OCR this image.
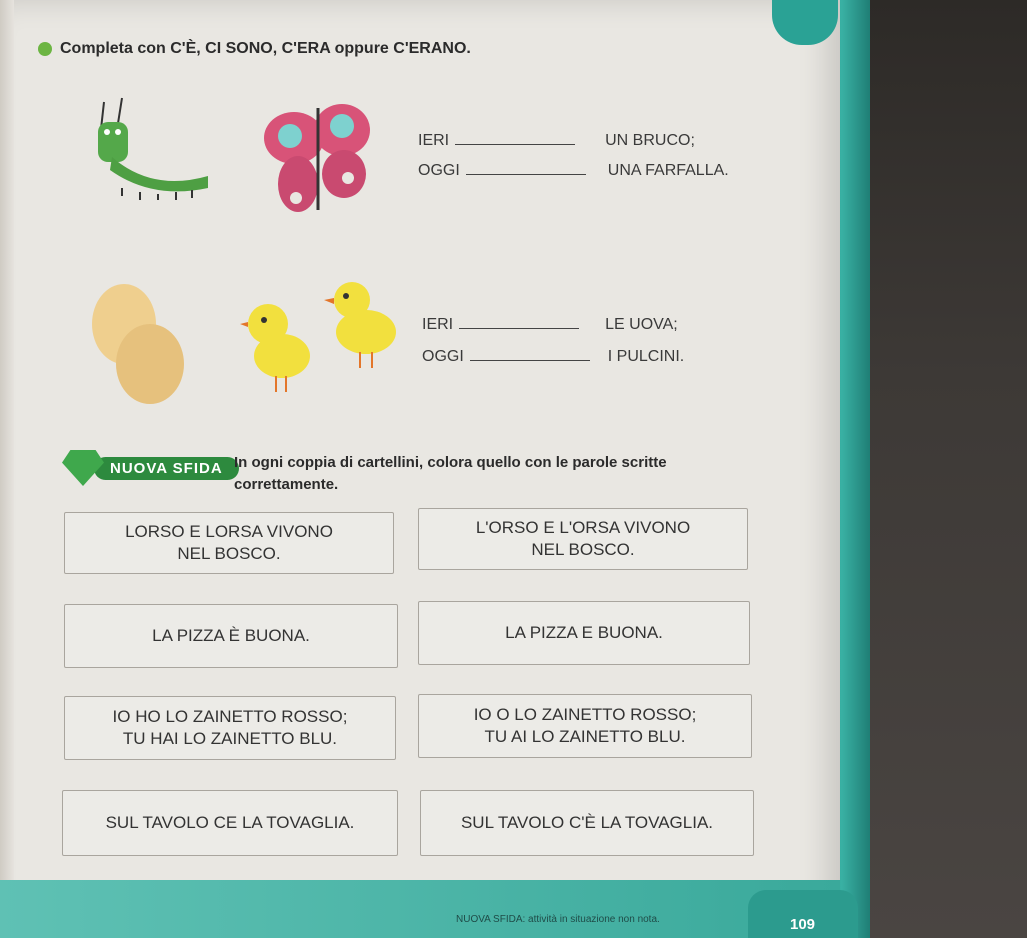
Completa con C'È, CI SONO, C'ERA oppure C'ERANO.
IERI	UN BRUCO;
OGGI	UNA FARFALLA.
IERI	LE UOVA;
OGGI	I PULCINI.
NUOVA SFIDA In ogni coppia di cartellini, colora quello con le parole scritte correttamente.
LORSO E LORSA VIVONO
NEL BOSCO.
L'ORSO E L'ORSA VIVONO
NEL BOSCO.
LA PIZZA È BUONA.	LA PIZZA E BUONA.
IO HO LO ZAINETTO ROSSO;
TU HAI LO ZAINETTO BLU.
IO O LO ZAINETTO ROSSO;
TU AI LO ZAINETTO BLU.
SUL TAVOLO CE LA TOVAGLIA.	SUL TAVOLO C'È LA TOVAGLIA.
NUOVA SFIDA: attività in situazione non nota.	109
